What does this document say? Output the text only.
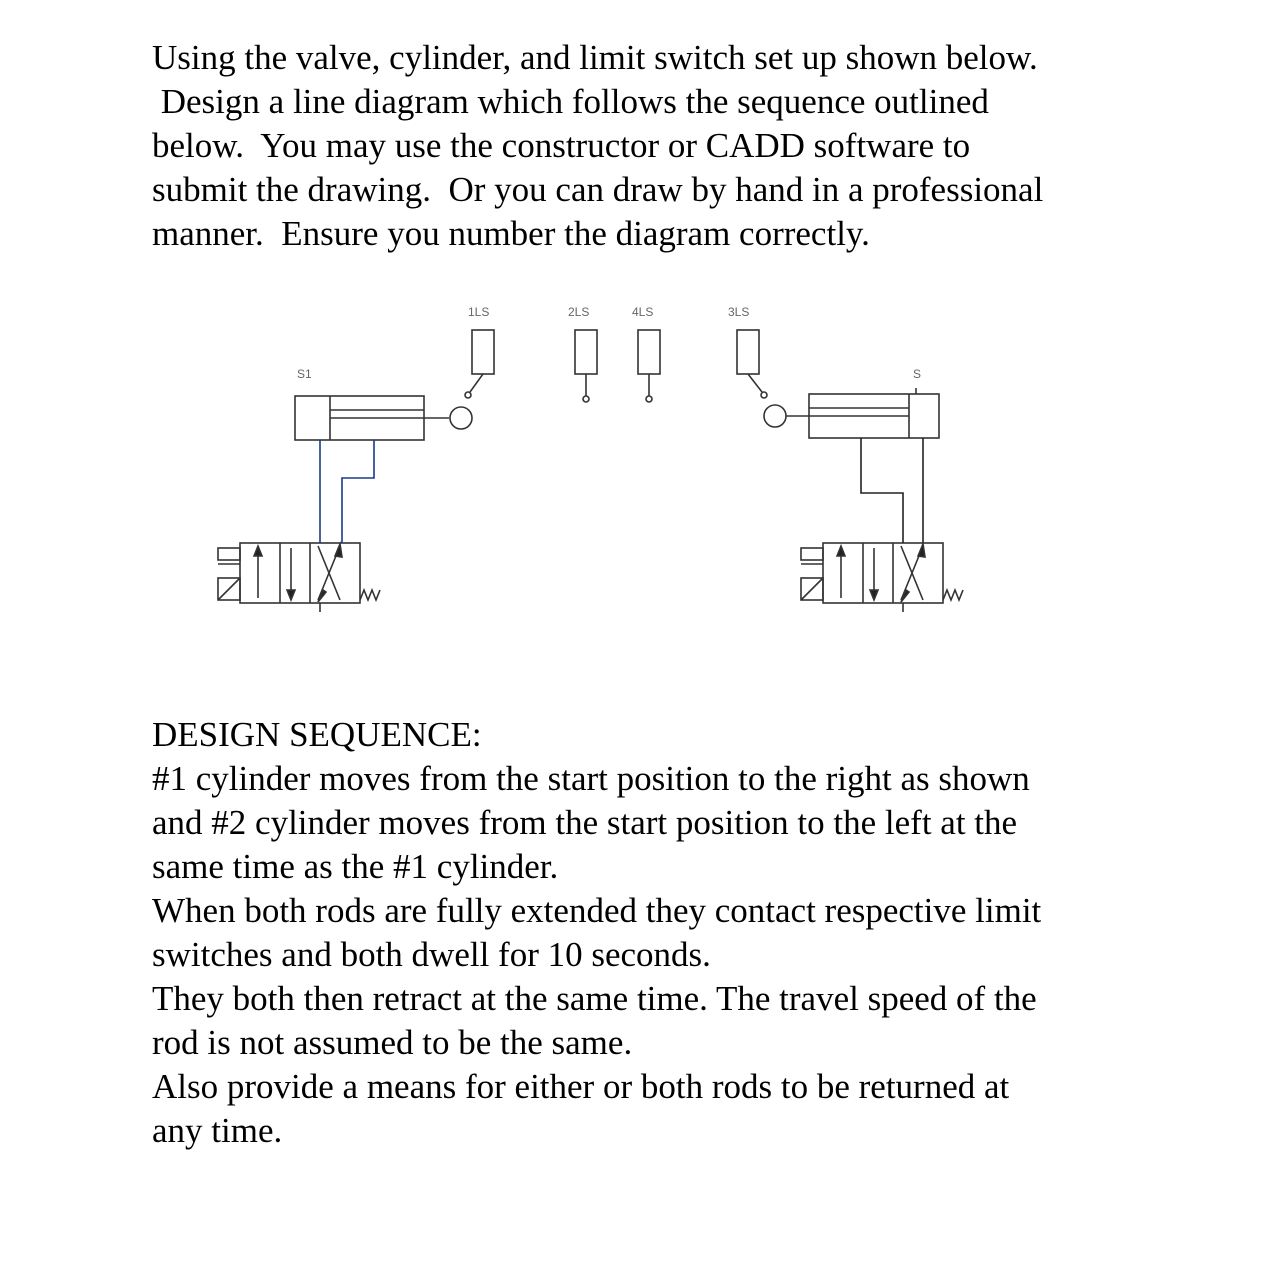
Using the valve, cylinder, and limit switch set up shown below.
Design a line diagram which follows the sequence outlined
below.  You may use the constructor or CADD software to
submit the drawing.  Or you can draw by hand in a professional
manner.  Ensure you number the diagram correctly.
1LS	2LS	4LS	3LS
S1	S
DESIGN SEQUENCE:
#1 cylinder moves from the start position to the right as shown
and #2 cylinder moves from the start position to the left at the
same time as the #1 cylinder.
When both rods are fully extended they contact respective limit
switches and both dwell for 10 seconds.
They both then retract at the same time. The travel speed of the
rod is not assumed to be the same.
Also provide a means for either or both rods to be returned at
any time.
